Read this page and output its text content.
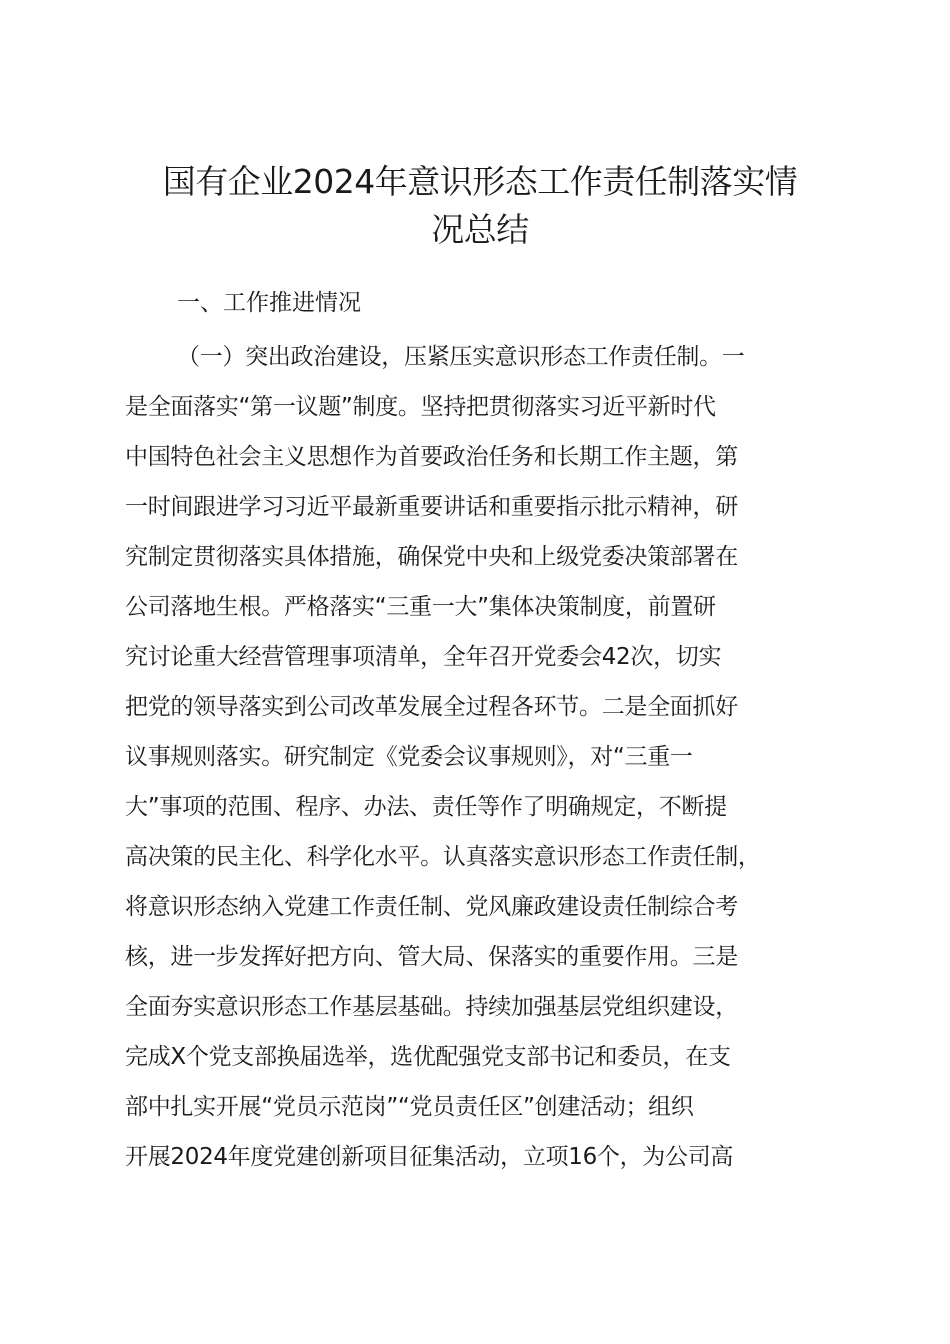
国有企业2024年意识形态工作责任制落实情
况总结

一、工作推进情况

（一）突出政治建设，压紧压实意识形态工作责任制。一
是全面落实“第一议题”制度。坚持把贯彻落实习近平新时代
中国特色社会主义思想作为首要政治任务和长期工作主题，第
一时间跟进学习习近平最新重要讲话和重要指示批示精神，研
究制定贯彻落实具体措施，确保党中央和上级党委决策部署在
公司落地生根。严格落实“三重一大”集体决策制度，前置研
究讨论重大经营管理事项清单，全年召开党委会42次，切实
把党的领导落实到公司改革发展全过程各环节。二是全面抓好
议事规则落实。研究制定《党委会议事规则》，对“三重一
大”事项的范围、程序、办法、责任等作了明确规定，不断提
高决策的民主化、科学化水平。认真落实意识形态工作责任制，
将意识形态纳入党建工作责任制、党风廉政建设责任制综合考
核，进一步发挥好把方向、管大局、保落实的重要作用。三是
全面夯实意识形态工作基层基础。持续加强基层党组织建设，
完成X个党支部换届选举，选优配强党支部书记和委员，在支
部中扎实开展“党员示范岗”“党员责任区”创建活动；组织
开展2024年度党建创新项目征集活动，立项16个，为公司高
